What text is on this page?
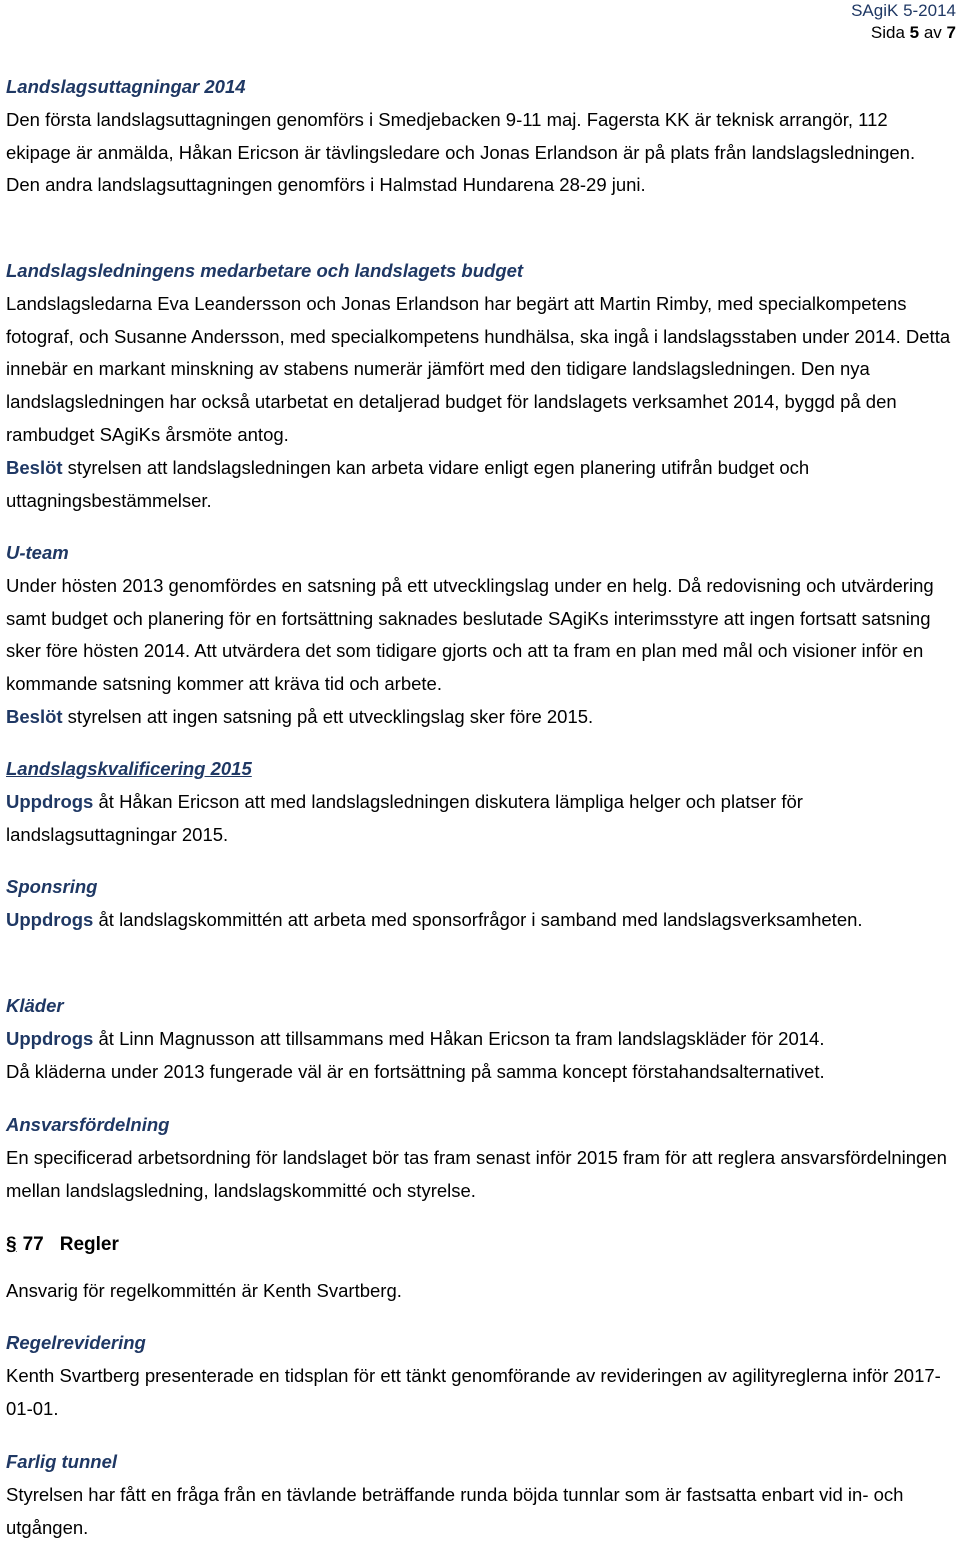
SAgiK 5-2014
Sida 5 av 7
Landslagsuttagningar 2014
Den första landslagsuttagningen genomförs i Smedjebacken 9-11 maj. Fagersta KK är teknisk arrangör, 112 ekipage är anmälda, Håkan Ericson är tävlingsledare och Jonas Erlandson är på plats från landslagsledningen.
Den andra landslagsuttagningen genomförs i Halmstad Hundarena 28-29 juni.
Landslagsledningens medarbetare och landslagets budget
Landslagsledarna Eva Leandersson och Jonas Erlandson har begärt att Martin Rimby, med specialkompetens fotograf, och Susanne Andersson, med specialkompetens hundhälsa, ska ingå i landslagsstaben under 2014. Detta innebär en markant minskning av stabens numerär jämfört med den tidigare landslagsledningen. Den nya landslagsledningen har också utarbetat en detaljerad budget för landslagets verksamhet 2014, byggd på den rambudget SAgiKs årsmöte antog.
Beslöt styrelsen att landslagsledningen kan arbeta vidare enligt egen planering utifrån budget och uttagningsbestämmelser.
U-team
Under hösten 2013 genomfördes en satsning på ett utvecklingslag under en helg. Då redovisning och utvärdering samt budget och planering för en fortsättning saknades beslutade SAgiKs interimsstyre att ingen fortsatt satsning sker före hösten 2014. Att utvärdera det som tidigare gjorts och att ta fram en plan med mål och visioner inför en kommande satsning kommer att kräva tid och arbete.
Beslöt styrelsen att ingen satsning på ett utvecklingslag sker före 2015.
Landslagskvalificering 2015
Uppdrogs åt Håkan Ericson att med landslagsledningen diskutera lämpliga helger och platser för landslagsuttagningar 2015.
Sponsring
Uppdrogs åt landslagskommittén att arbeta med sponsorfrågor i samband med landslagsverksamheten.
Kläder
Uppdrogs åt Linn Magnusson att tillsammans med Håkan Ericson ta fram landslagskläder för 2014.
Då kläderna under 2013 fungerade väl är en fortsättning på samma koncept förstahandsalternativet.
Ansvarsfördelning
En specificerad arbetsordning för landslaget bör tas fram senast inför 2015 fram för att reglera ansvarsfördelningen mellan landslagsledning, landslagskommitté och styrelse.
§ 77 Regler
Ansvarig för regelkommittén är Kenth Svartberg.
Regelrevidering
Kenth Svartberg presenterade en tidsplan för ett tänkt genomförande av revideringen av agilityreglerna inför 2017-01-01.
Farlig tunnel
Styrelsen har fått en fråga från en tävlande beträffande runda böjda tunnlar som är fastsatta enbart vid in- och utgången.
